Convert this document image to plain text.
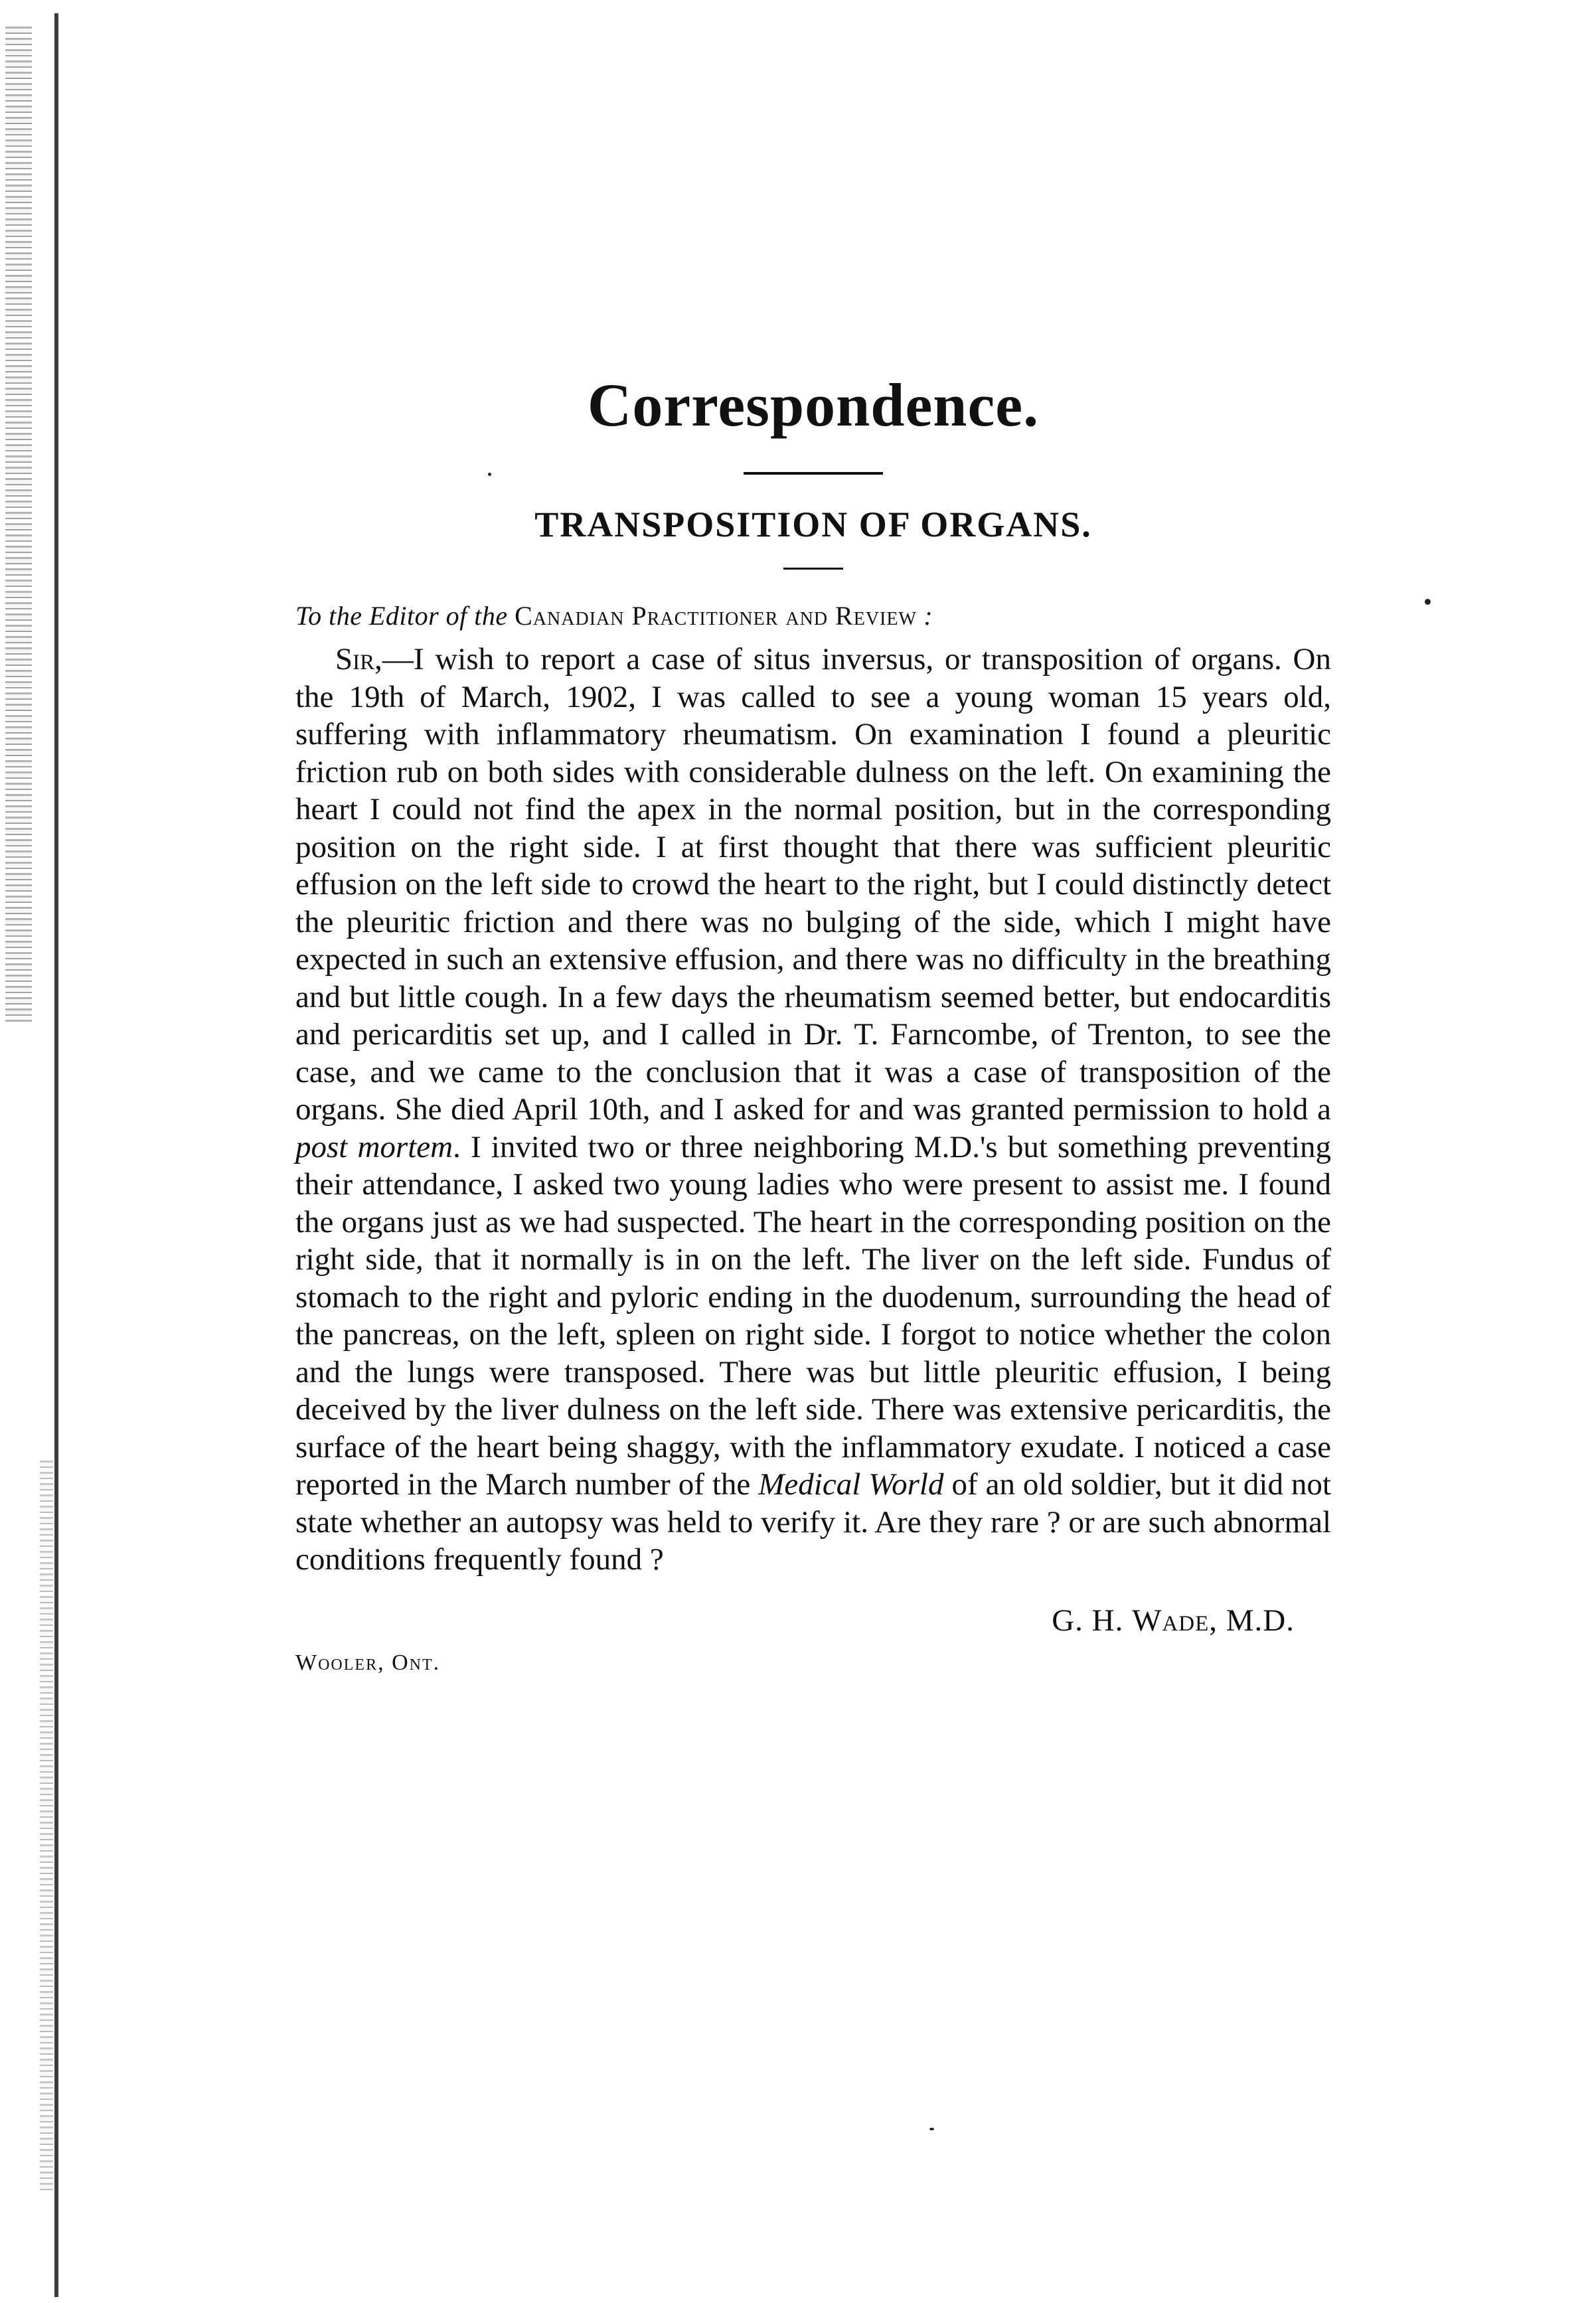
Correspondence.
TRANSPOSITION OF ORGANS.

To the Editor of the Canadian Practitioner and Review :

Sir,—I wish to report a case of situs inversus, or transposition of organs. On the 19th of March, 1902, I was called to see a young woman 15 years old, suffering with inflammatory rheumatism. On examination I found a pleuritic friction rub on both sides with considerable dulness on the left. On examining the heart I could not find the apex in the normal position, but in the corresponding position on the right side. I at first thought that there was sufficient pleuritic effusion on the left side to crowd the heart to the right, but I could distinctly detect the pleuritic friction and there was no bulging of the side, which I might have expected in such an extensive effusion, and there was no difficulty in the breathing and but little cough. In a few days the rheumatism seemed better, but endocarditis and pericarditis set up, and I called in Dr. T. Farncombe, of Trenton, to see the case, and we came to the conclusion that it was a case of transposition of the organs. She died April 10th, and I asked for and was granted permission to hold a post mortem. I invited two or three neighboring M.D.'s but something preventing their attendance, I asked two young ladies who were present to assist me. I found the organs just as we had suspected. The heart in the corresponding position on the right side, that it normally is in on the left. The liver on the left side. Fundus of stomach to the right and pyloric ending in the duodenum, surrounding the head of the pancreas, on the left, spleen on right side. I forgot to notice whether the colon and the lungs were transposed. There was but little pleuritic effusion, I being deceived by the liver dulness on the left side. There was extensive pericarditis, the surface of the heart being shaggy, with the inflammatory exudate. I noticed a case reported in the March number of the Medical World of an old soldier, but it did not state whether an autopsy was held to verify it. Are they rare ? or are such abnormal conditions frequently found ?

G. H. Wade, M.D.

Wooler, Ont.
